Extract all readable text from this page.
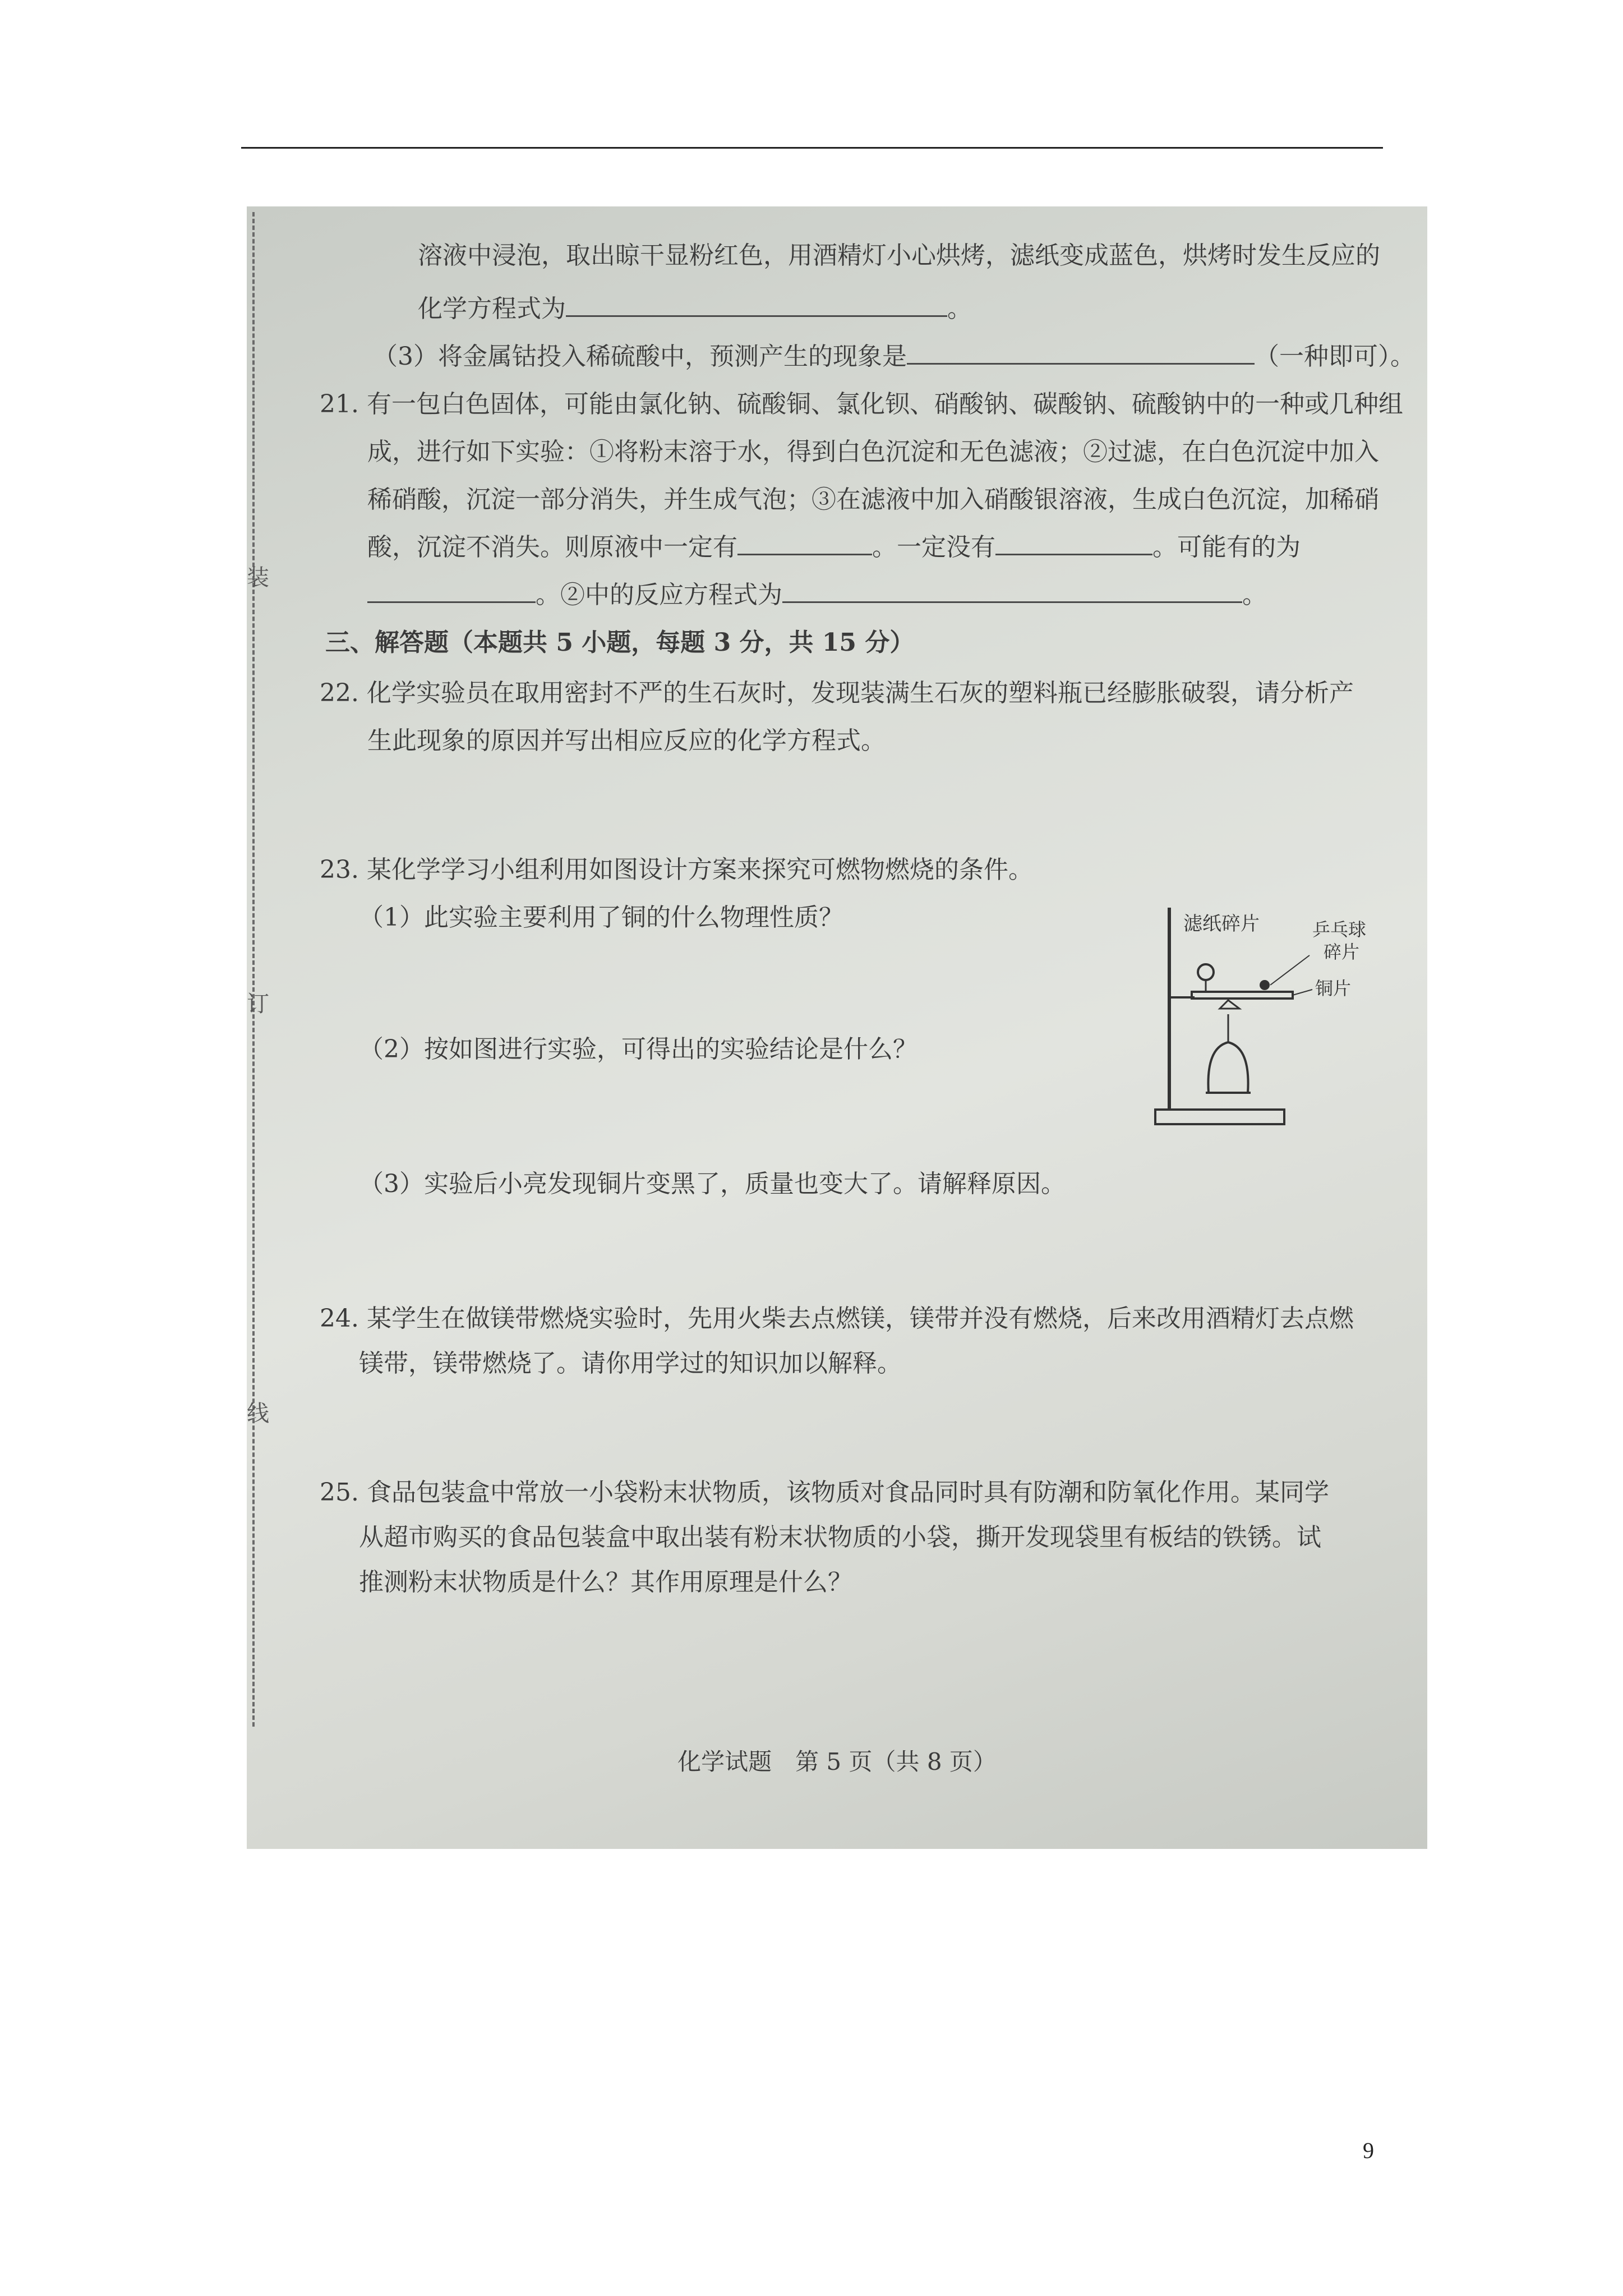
装
订
线
溶液中浸泡，取出晾干显粉红色，用酒精灯小心烘烤，滤纸变成蓝色，烘烤时发生反应的
化学方程式为	。
（3）将金属钴投入稀硫酸中，预测产生的现象是	（一种即可）。
21. 有一包白色固体，可能由氯化钠、硫酸铜、氯化钡、硝酸钠、碳酸钠、硫酸钠中的一种或几种组
成，进行如下实验：①将粉末溶于水，得到白色沉淀和无色滤液；②过滤，在白色沉淀中加入
稀硝酸，沉淀一部分消失，并生成气泡；③在滤液中加入硝酸银溶液，生成白色沉淀，加稀硝
酸，沉淀不消失。则原液中一定有	。一定没有	。可能有的为
。②中的反应方程式为	。
三、解答题（本题共 5 小题，每题 3 分，共 15 分）
22. 化学实验员在取用密封不严的生石灰时，发现装满生石灰的塑料瓶已经膨胀破裂，请分析产
生此现象的原因并写出相应反应的化学方程式。
23. 某化学学习小组利用如图设计方案来探究可燃物燃烧的条件。
（1）此实验主要利用了铜的什么物理性质？
（2）按如图进行实验，可得出的实验结论是什么？
（3）实验后小亮发现铜片变黑了，质量也变大了。请解释原因。
滤纸碎片	乒乓球
碎片
铜片
24. 某学生在做镁带燃烧实验时，先用火柴去点燃镁，镁带并没有燃烧，后来改用酒精灯去点燃
镁带，镁带燃烧了。请你用学过的知识加以解释。
25. 食品包装盒中常放一小袋粉末状物质，该物质对食品同时具有防潮和防氧化作用。某同学
从超市购买的食品包装盒中取出装有粉末状物质的小袋，撕开发现袋里有板结的铁锈。试
推测粉末状物质是什么？其作用原理是什么？
化学试题　第 5 页（共 8 页）
9
